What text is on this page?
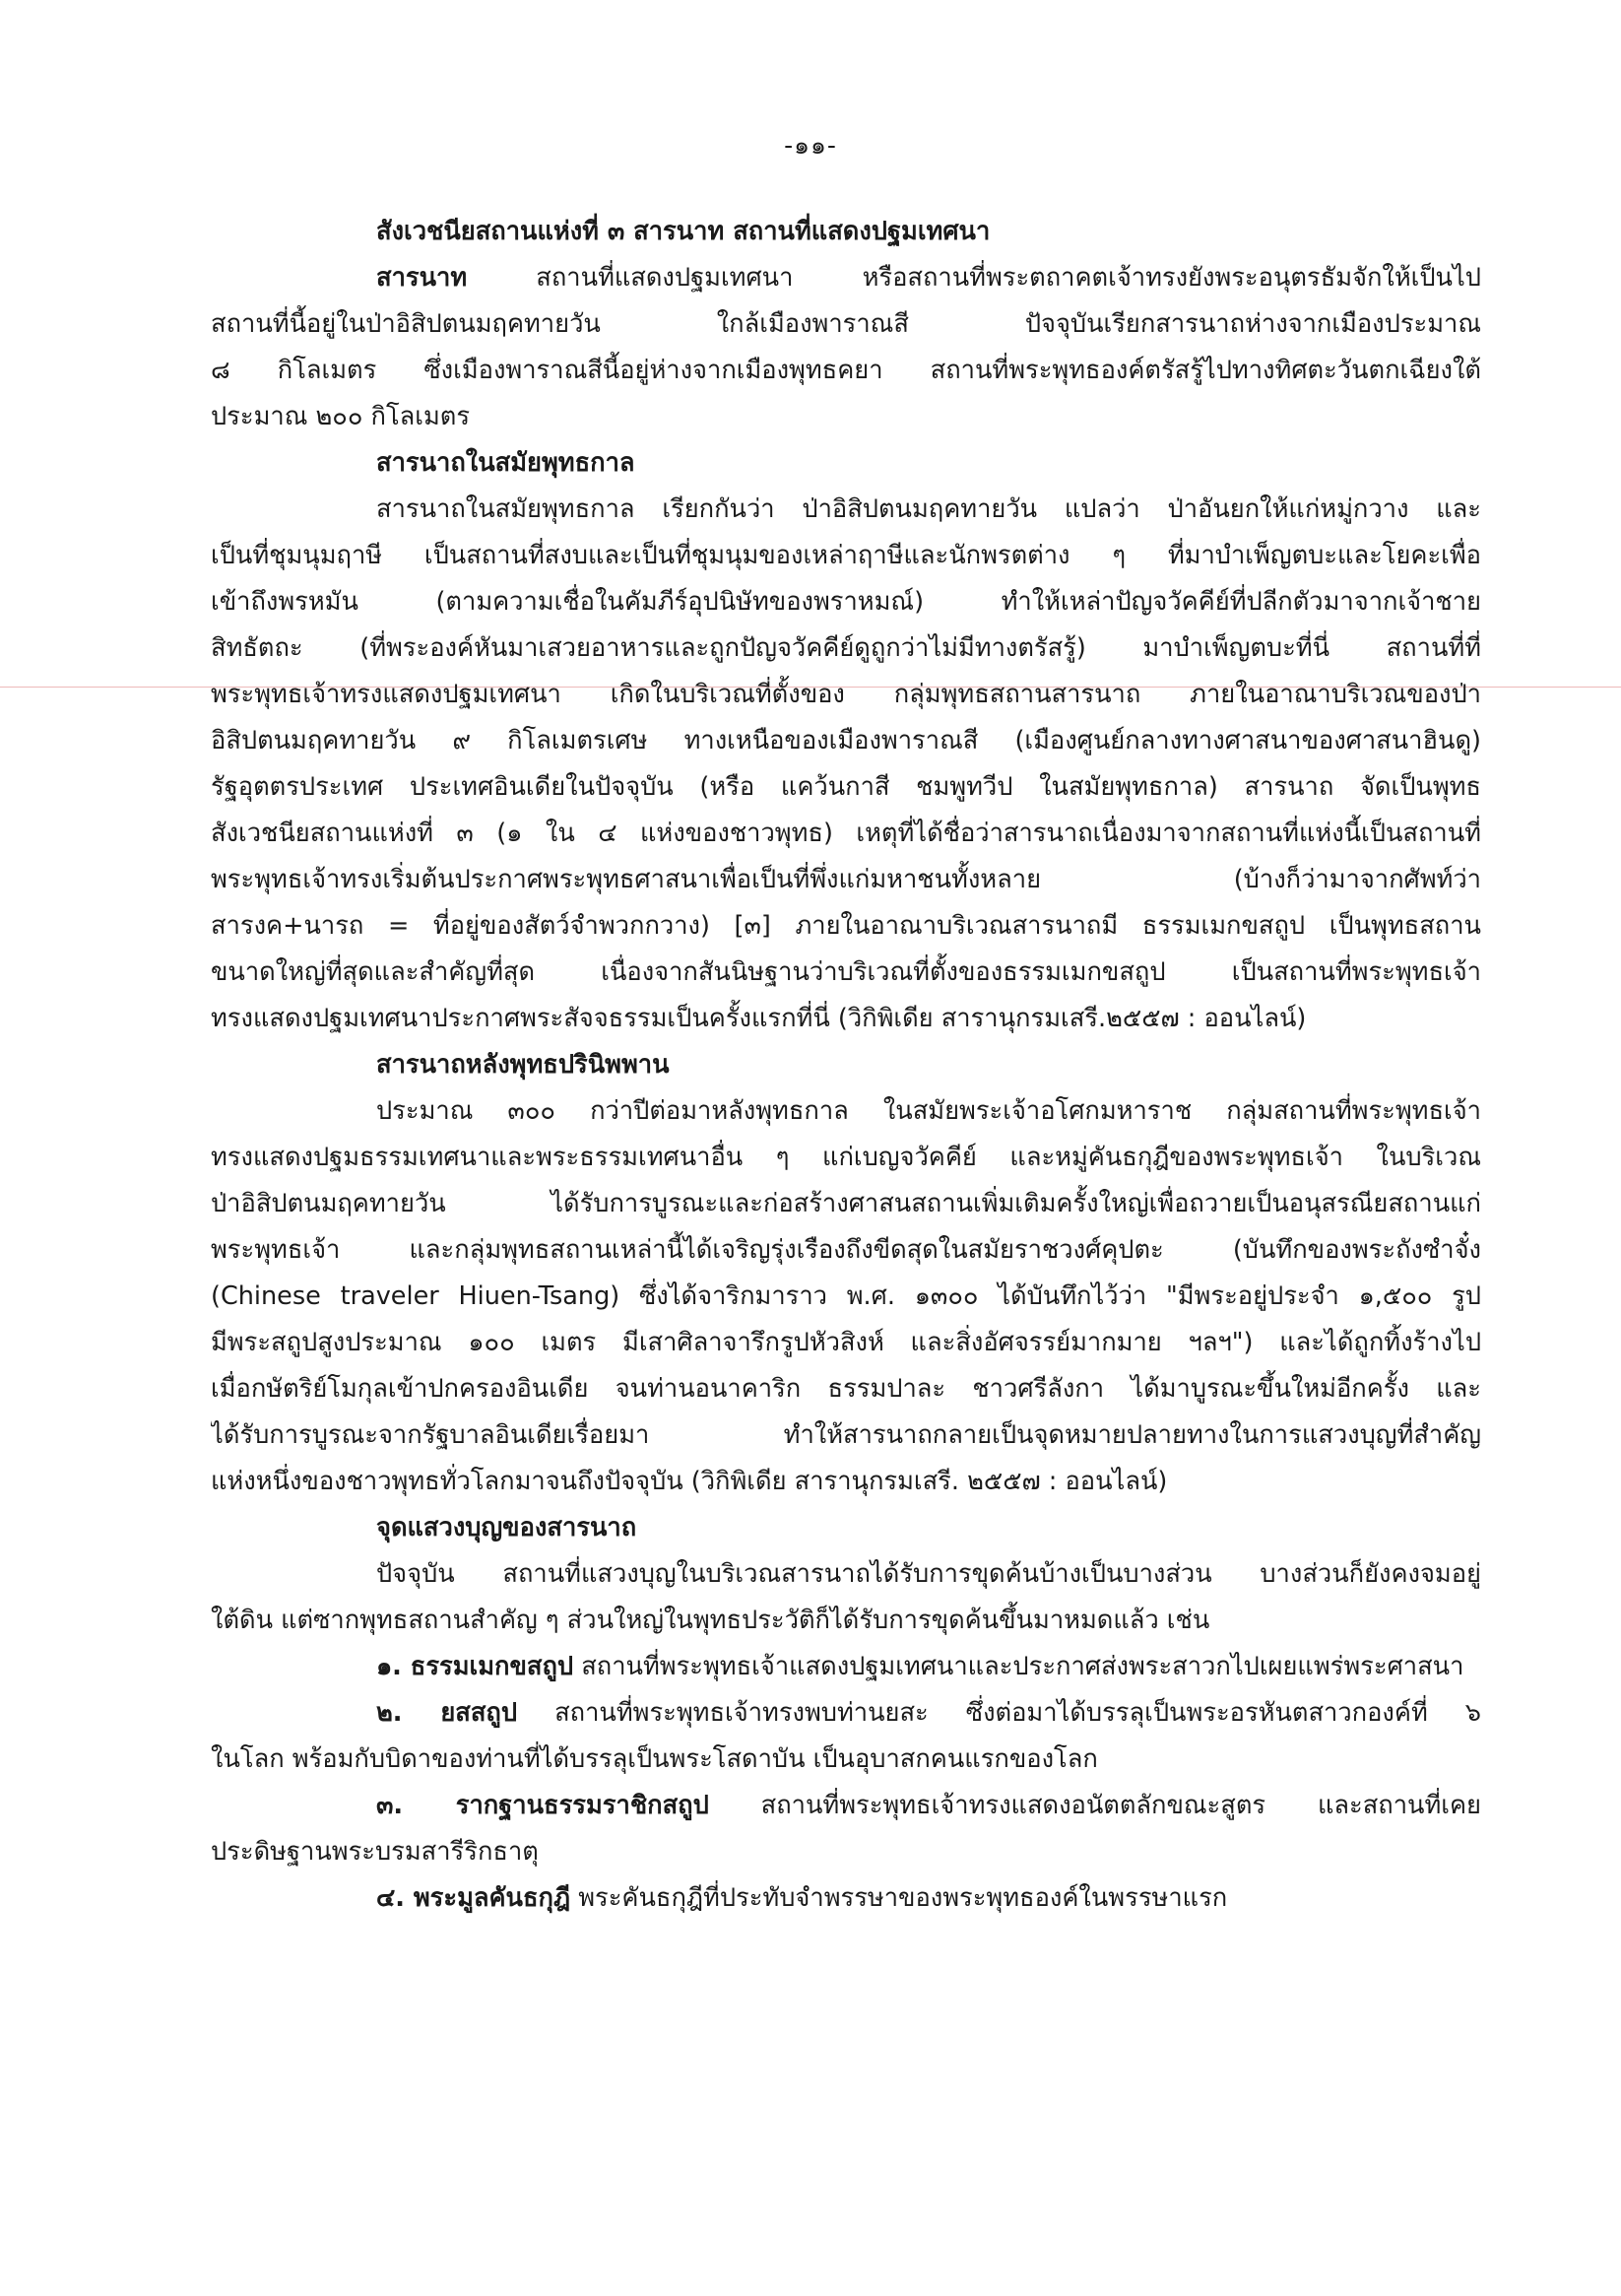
-๑๑-
สังเวชนียสถานแห่งที่ ๓ สารนาท สถานที่แสดงปฐมเทศนา
สารนาท สถานที่แสดงปฐมเทศนา หรือสถานที่พระตถาคตเจ้าทรงยังพระอนุตรธัมจักให้เป็นไป
สถานที่นี้อยู่ในป่าอิสิปตนมฤคทายวัน ใกล้เมืองพาราณสี ปัจจุบันเรียกสารนาถห่างจากเมืองประมาณ
๘ กิโลเมตร ซึ่งเมืองพาราณสีนี้อยู่ห่างจากเมืองพุทธคยา สถานที่พระพุทธองค์ตรัสรู้ไปทางทิศตะวันตกเฉียงใต้
ประมาณ ๒๐๐ กิโลเมตร
สารนาถในสมัยพุทธกาล
สารนาถในสมัยพุทธกาล เรียกกันว่า ป่าอิสิปตนมฤคทายวัน แปลว่า ป่าอันยกให้แก่หมู่กวาง และ
เป็นที่ชุมนุมฤาษี เป็นสถานที่สงบและเป็นที่ชุมนุมของเหล่าฤาษีและนักพรตต่าง ๆ ที่มาบำเพ็ญตบะและโยคะเพื่อ
เข้าถึงพรหมัน (ตามความเชื่อในคัมภีร์อุปนิษัทของพราหมณ์) ทำให้เหล่าปัญจวัคคีย์ที่ปลีกตัวมาจากเจ้าชาย
สิทธัตถะ (ที่พระองค์หันมาเสวยอาหารและถูกปัญจวัคคีย์ดูถูกว่าไม่มีทางตรัสรู้) มาบำเพ็ญตบะที่นี่ สถานที่ที่
พระพุทธเจ้าทรงแสดงปฐมเทศนา เกิดในบริเวณที่ตั้งของ กลุ่มพุทธสถานสารนาถ ภายในอาณาบริเวณของป่า
อิสิปตนมฤคทายวัน ๙ กิโลเมตรเศษ ทางเหนือของเมืองพาราณสี (เมืองศูนย์กลางทางศาสนาของศาสนาฮินดู)
รัฐอุตตรประเทศ ประเทศอินเดียในปัจจุบัน (หรือ แคว้นกาสี ชมพูทวีป ในสมัยพุทธกาล) สารนาถ จัดเป็นพุทธ
สังเวชนียสถานแห่งที่ ๓ (๑ ใน ๔ แห่งของชาวพุทธ) เหตุที่ได้ชื่อว่าสารนาถเนื่องมาจากสถานที่แห่งนี้เป็นสถานที่
พระพุทธเจ้าทรงเริ่มต้นประกาศพระพุทธศาสนาเพื่อเป็นที่พึ่งแก่มหาชนทั้งหลาย (บ้างก็ว่ามาจากศัพท์ว่า
สารงค+นารถ = ที่อยู่ของสัตว์จำพวกกวาง) [๓] ภายในอาณาบริเวณสารนาถมี ธรรมเมกขสถูป เป็นพุทธสถาน
ขนาดใหญ่ที่สุดและสำคัญที่สุด เนื่องจากสันนิษฐานว่าบริเวณที่ตั้งของธรรมเมกขสถูป เป็นสถานที่พระพุทธเจ้า
ทรงแสดงปฐมเทศนาประกาศพระสัจจธรรมเป็นครั้งแรกที่นี่ (วิกิพิเดีย สารานุกรมเสรี.๒๕๕๗ : ออนไลน์)
สารนาถหลังพุทธปรินิพพาน
ประมาณ ๓๐๐ กว่าปีต่อมาหลังพุทธกาล ในสมัยพระเจ้าอโศกมหาราช กลุ่มสถานที่พระพุทธเจ้า
ทรงแสดงปฐมธรรมเทศนาและพระธรรมเทศนาอื่น ๆ แก่เบญจวัคคีย์ และหมู่คันธกุฎีของพระพุทธเจ้า ในบริเวณ
ป่าอิสิปตนมฤคทายวัน ได้รับการบูรณะและก่อสร้างศาสนสถานเพิ่มเติมครั้งใหญ่เพื่อถวายเป็นอนุสรณียสถานแก่
พระพุทธเจ้า และกลุ่มพุทธสถานเหล่านี้ได้เจริญรุ่งเรืองถึงขีดสุดในสมัยราชวงศ์คุปตะ (บันทึกของพระถังซำจั๋ง
(Chinese traveler Hiuen-Tsang) ซึ่งได้จาริกมาราว พ.ศ. ๑๓๐๐ ได้บันทึกไว้ว่า "มีพระอยู่ประจำ ๑,๕๐๐ รูป
มีพระสถูปสูงประมาณ ๑๐๐ เมตร มีเสาศิลาจารึกรูปหัวสิงห์ และสิ่งอัศจรรย์มากมาย ฯลฯ") และได้ถูกทิ้งร้างไป
เมื่อกษัตริย์โมกุลเข้าปกครองอินเดีย จนท่านอนาคาริก ธรรมปาละ ชาวศรีลังกา ได้มาบูรณะขึ้นใหม่อีกครั้ง และ
ได้รับการบูรณะจากรัฐบาลอินเดียเรื่อยมา ทำให้สารนาถกลายเป็นจุดหมายปลายทางในการแสวงบุญที่สำคัญ
แห่งหนึ่งของชาวพุทธทั่วโลกมาจนถึงปัจจุบัน (วิกิพิเดีย สารานุกรมเสรี. ๒๕๕๗ : ออนไลน์)
จุดแสวงบุญของสารนาถ
ปัจจุบัน สถานที่แสวงบุญในบริเวณสารนาถได้รับการขุดค้นบ้างเป็นบางส่วน บางส่วนก็ยังคงจมอยู่
ใต้ดิน แต่ซากพุทธสถานสำคัญ ๆ ส่วนใหญ่ในพุทธประวัติก็ได้รับการขุดค้นขึ้นมาหมดแล้ว เช่น
๑. ธรรมเมกขสถูป สถานที่พระพุทธเจ้าแสดงปฐมเทศนาและประกาศส่งพระสาวกไปเผยแพร่พระศาสนา
๒. ยสสถูป สถานที่พระพุทธเจ้าทรงพบท่านยสะ ซึ่งต่อมาได้บรรลุเป็นพระอรหันตสาวกองค์ที่ ๖
ในโลก พร้อมกับบิดาของท่านที่ได้บรรลุเป็นพระโสดาบัน เป็นอุบาสกคนแรกของโลก
๓. รากฐานธรรมราชิกสถูป สถานที่พระพุทธเจ้าทรงแสดงอนัตตลักขณะสูตร และสถานที่เคย
ประดิษฐานพระบรมสารีริกธาตุ
๔. พระมูลคันธกุฎี พระคันธกุฎีที่ประทับจำพรรษาของพระพุทธองค์ในพรรษาแรก
